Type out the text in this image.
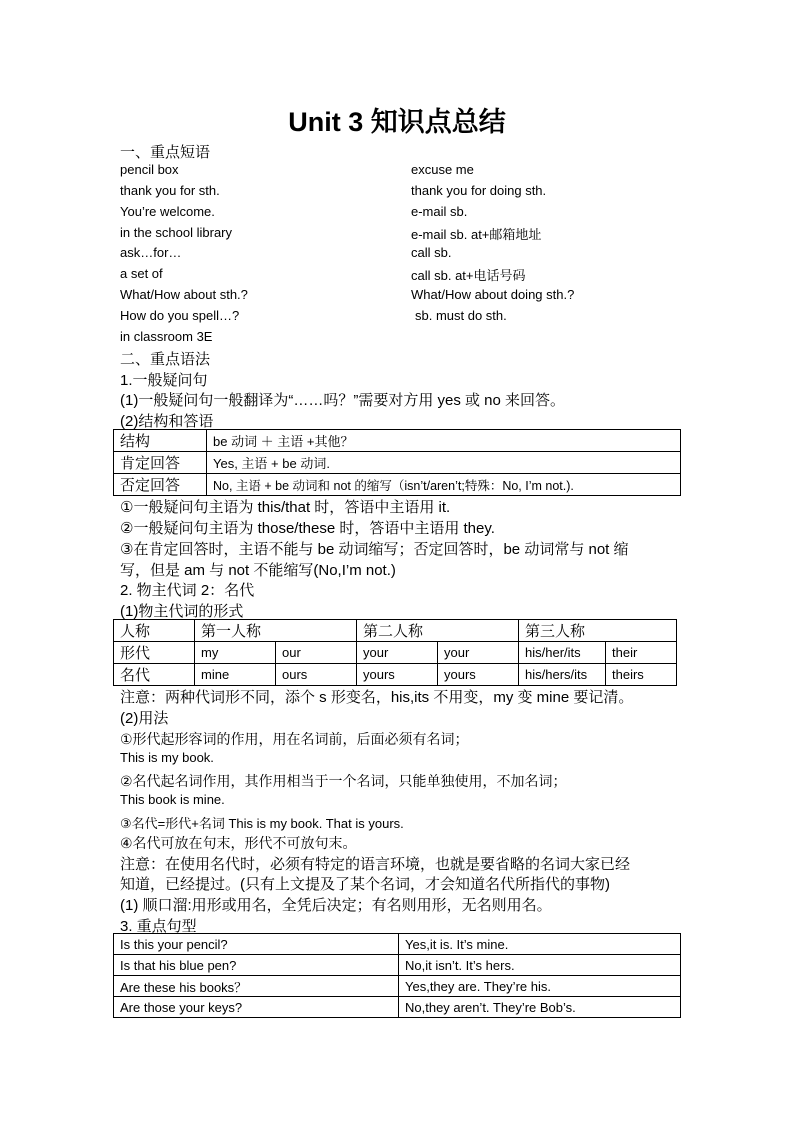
Unit 3 知识点总结
一、重点短语
pencil box
thank you for sth.
You’re welcome.
in the school library
ask…for…
a set of
What/How about sth.?
How do you spell…?
in classroom 3E
excuse me
thank you for doing sth.
e-mail sb.
e-mail sb. at+邮箱地址
call sb.
call sb. at+电话号码
What/How about doing sth.?
sb. must do sth.
二、重点语法
1.一般疑问句
(1)一般疑问句一般翻译为“……吗？”需要对方用 yes 或 no 来回答。
(2)结构和答语
结构	be 动词 ＋ 主语 +其他？
肯定回答	Yes, 主语 + be 动词.
否定回答	No, 主语 + be 动词和 not 的缩写（isn’t/aren’t;特殊：No, I’m not.).
①一般疑问句主语为 this/that 时，答语中主语用 it.
②一般疑问句主语为 those/these 时，答语中主语用 they.
③在肯定回答时，主语不能与 be 动词缩写；否定回答时，be 动词常与 not 缩
写，但是 am 与 not 不能缩写(No,I’m not.)
2. 物主代词 2：名代
(1)物主代词的形式
人称	第一人称		第二人称		第三人称	
形代	my	our	your	your	his/her/its	their
名代	mine	ours	yours	yours	his/hers/its	theirs
注意：两种代词形不同，添个 s 形变名，his,its 不用变，my 变 mine 要记清。
(2)用法
①形代起形容词的作用，用在名词前，后面必须有名词；
This is my book.
②名代起名词作用，其作用相当于一个名词，只能单独使用，不加名词；
This book is mine.
③名代=形代+名词 This is my book. That is yours.
④名代可放在句末，形代不可放句末。
注意：在使用名代时，必须有特定的语言环境，也就是要省略的名词大家已经
知道，已经提过。(只有上文提及了某个名词，才会知道名代所指代的事物)
(1) 顺口溜:用形或用名，全凭后决定；有名则用形，无名则用名。
3. 重点句型
Is this your pencil?	Yes,it is. It’s mine.
Is that his blue pen?	No,it isn’t. It’s hers.
Are these his books？	Yes,they are. They’re his.
Are those your keys?	No,they aren’t. They’re Bob’s.
